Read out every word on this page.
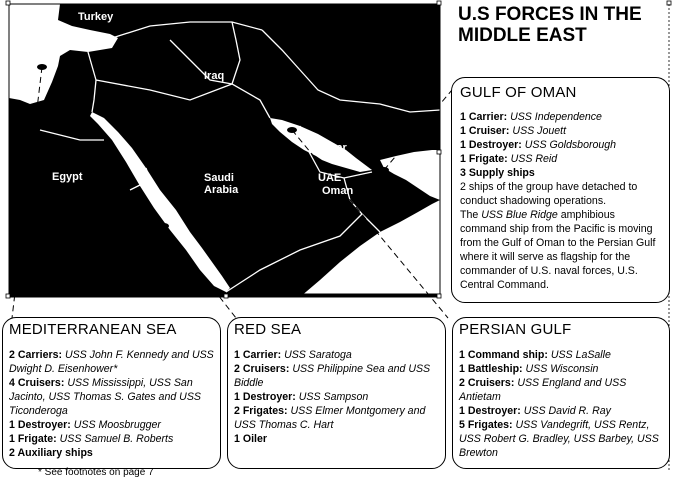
Turkey
Iraq
Egypt	Saudi
Arabia
Qatar
UAE
Oman
U.S FORCES IN THE
MIDDLE EAST
GULF OF OMAN
1 Carrier: USS Independence
1 Cruiser: USS Jouett
1 Destroyer: USS Goldsborough
1 Frigate: USS Reid
3 Supply ships
2 ships of the group have detached to conduct shadowing operations.
The USS Blue Ridge amphibious command ship from the Pacific is moving from the Gulf of Oman to the Persian Gulf where it will serve as flagship for the commander of U.S. naval forces, U.S. Central Command.
MEDITERRANEAN SEA
2 Carriers: USS John F. Kennedy and USS Dwight D. Eisenhower*
4 Cruisers: USS Mississippi, USS San Jacinto, USS Thomas S. Gates and USS Ticonderoga
1 Destroyer: USS Moosbrugger
1 Frigate: USS Samuel B. Roberts
2 Auxiliary ships
RED SEA
1 Carrier: USS Saratoga
2 Cruisers: USS Philippine Sea and USS Biddle
1 Destroyer: USS Sampson
2 Frigates: USS Elmer Montgomery and USS Thomas C. Hart
1 Oiler
PERSIAN GULF
1 Command ship: USS LaSalle
1 Battleship: USS Wisconsin
2 Cruisers: USS England and USS Antietam
1 Destroyer: USS David R. Ray
5 Frigates: USS Vandegrift, USS Rentz, USS Robert G. Bradley, USS Barbey, USS Brewton
* See footnotes on page 7
